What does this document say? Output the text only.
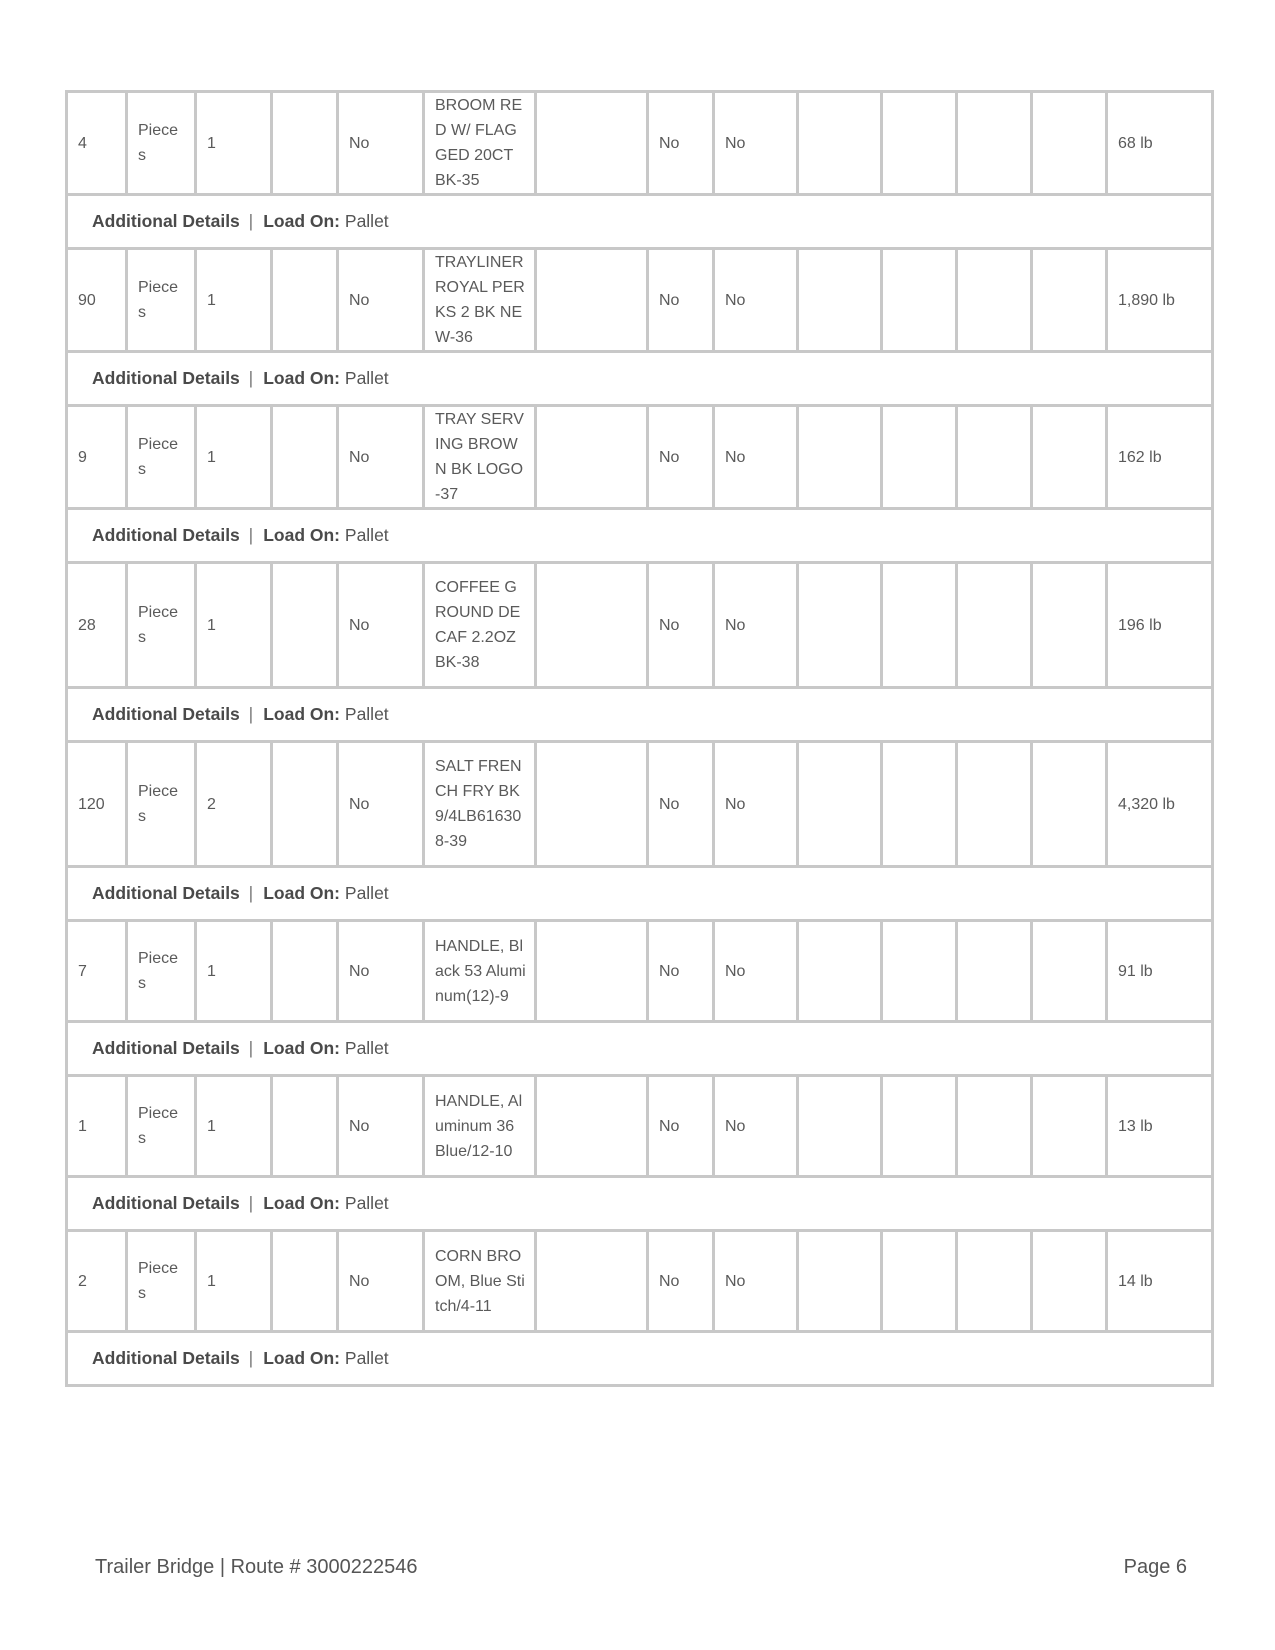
4	Pieces	1		No	BROOM RED W/ FLAGGED 20CT BK-35		No	No					68 lb
Additional Details | Load On: Pallet													
90	Pieces	1		No	TRAYLINER ROYAL PERKS 2 BK NEW-36		No	No					1,890 lb
Additional Details | Load On: Pallet													
9	Pieces	1		No	TRAY SERVING BROWN BK LOGO-37		No	No					162 lb
Additional Details | Load On: Pallet													
28	Pieces	1		No	COFFEE GROUND DECAF 2.2OZ BK-38		No	No					196 lb
Additional Details | Load On: Pallet													
120	Pieces	2		No	SALT FRENCH FRY BK 9/4LB616308-39		No	No					4,320 lb
Additional Details | Load On: Pallet													
7	Pieces	1		No	HANDLE, Black 53 Aluminum(12)-9		No	No					91 lb
Additional Details | Load On: Pallet													
1	Pieces	1		No	HANDLE, Aluminum 36 Blue/12-10		No	No					13 lb
Additional Details | Load On: Pallet													
2	Pieces	1		No	CORN BROOM, Blue Stitch/4-11		No	No					14 lb
Additional Details | Load On: Pallet													
Trailer Bridge | Route # 3000222546	Page 6
